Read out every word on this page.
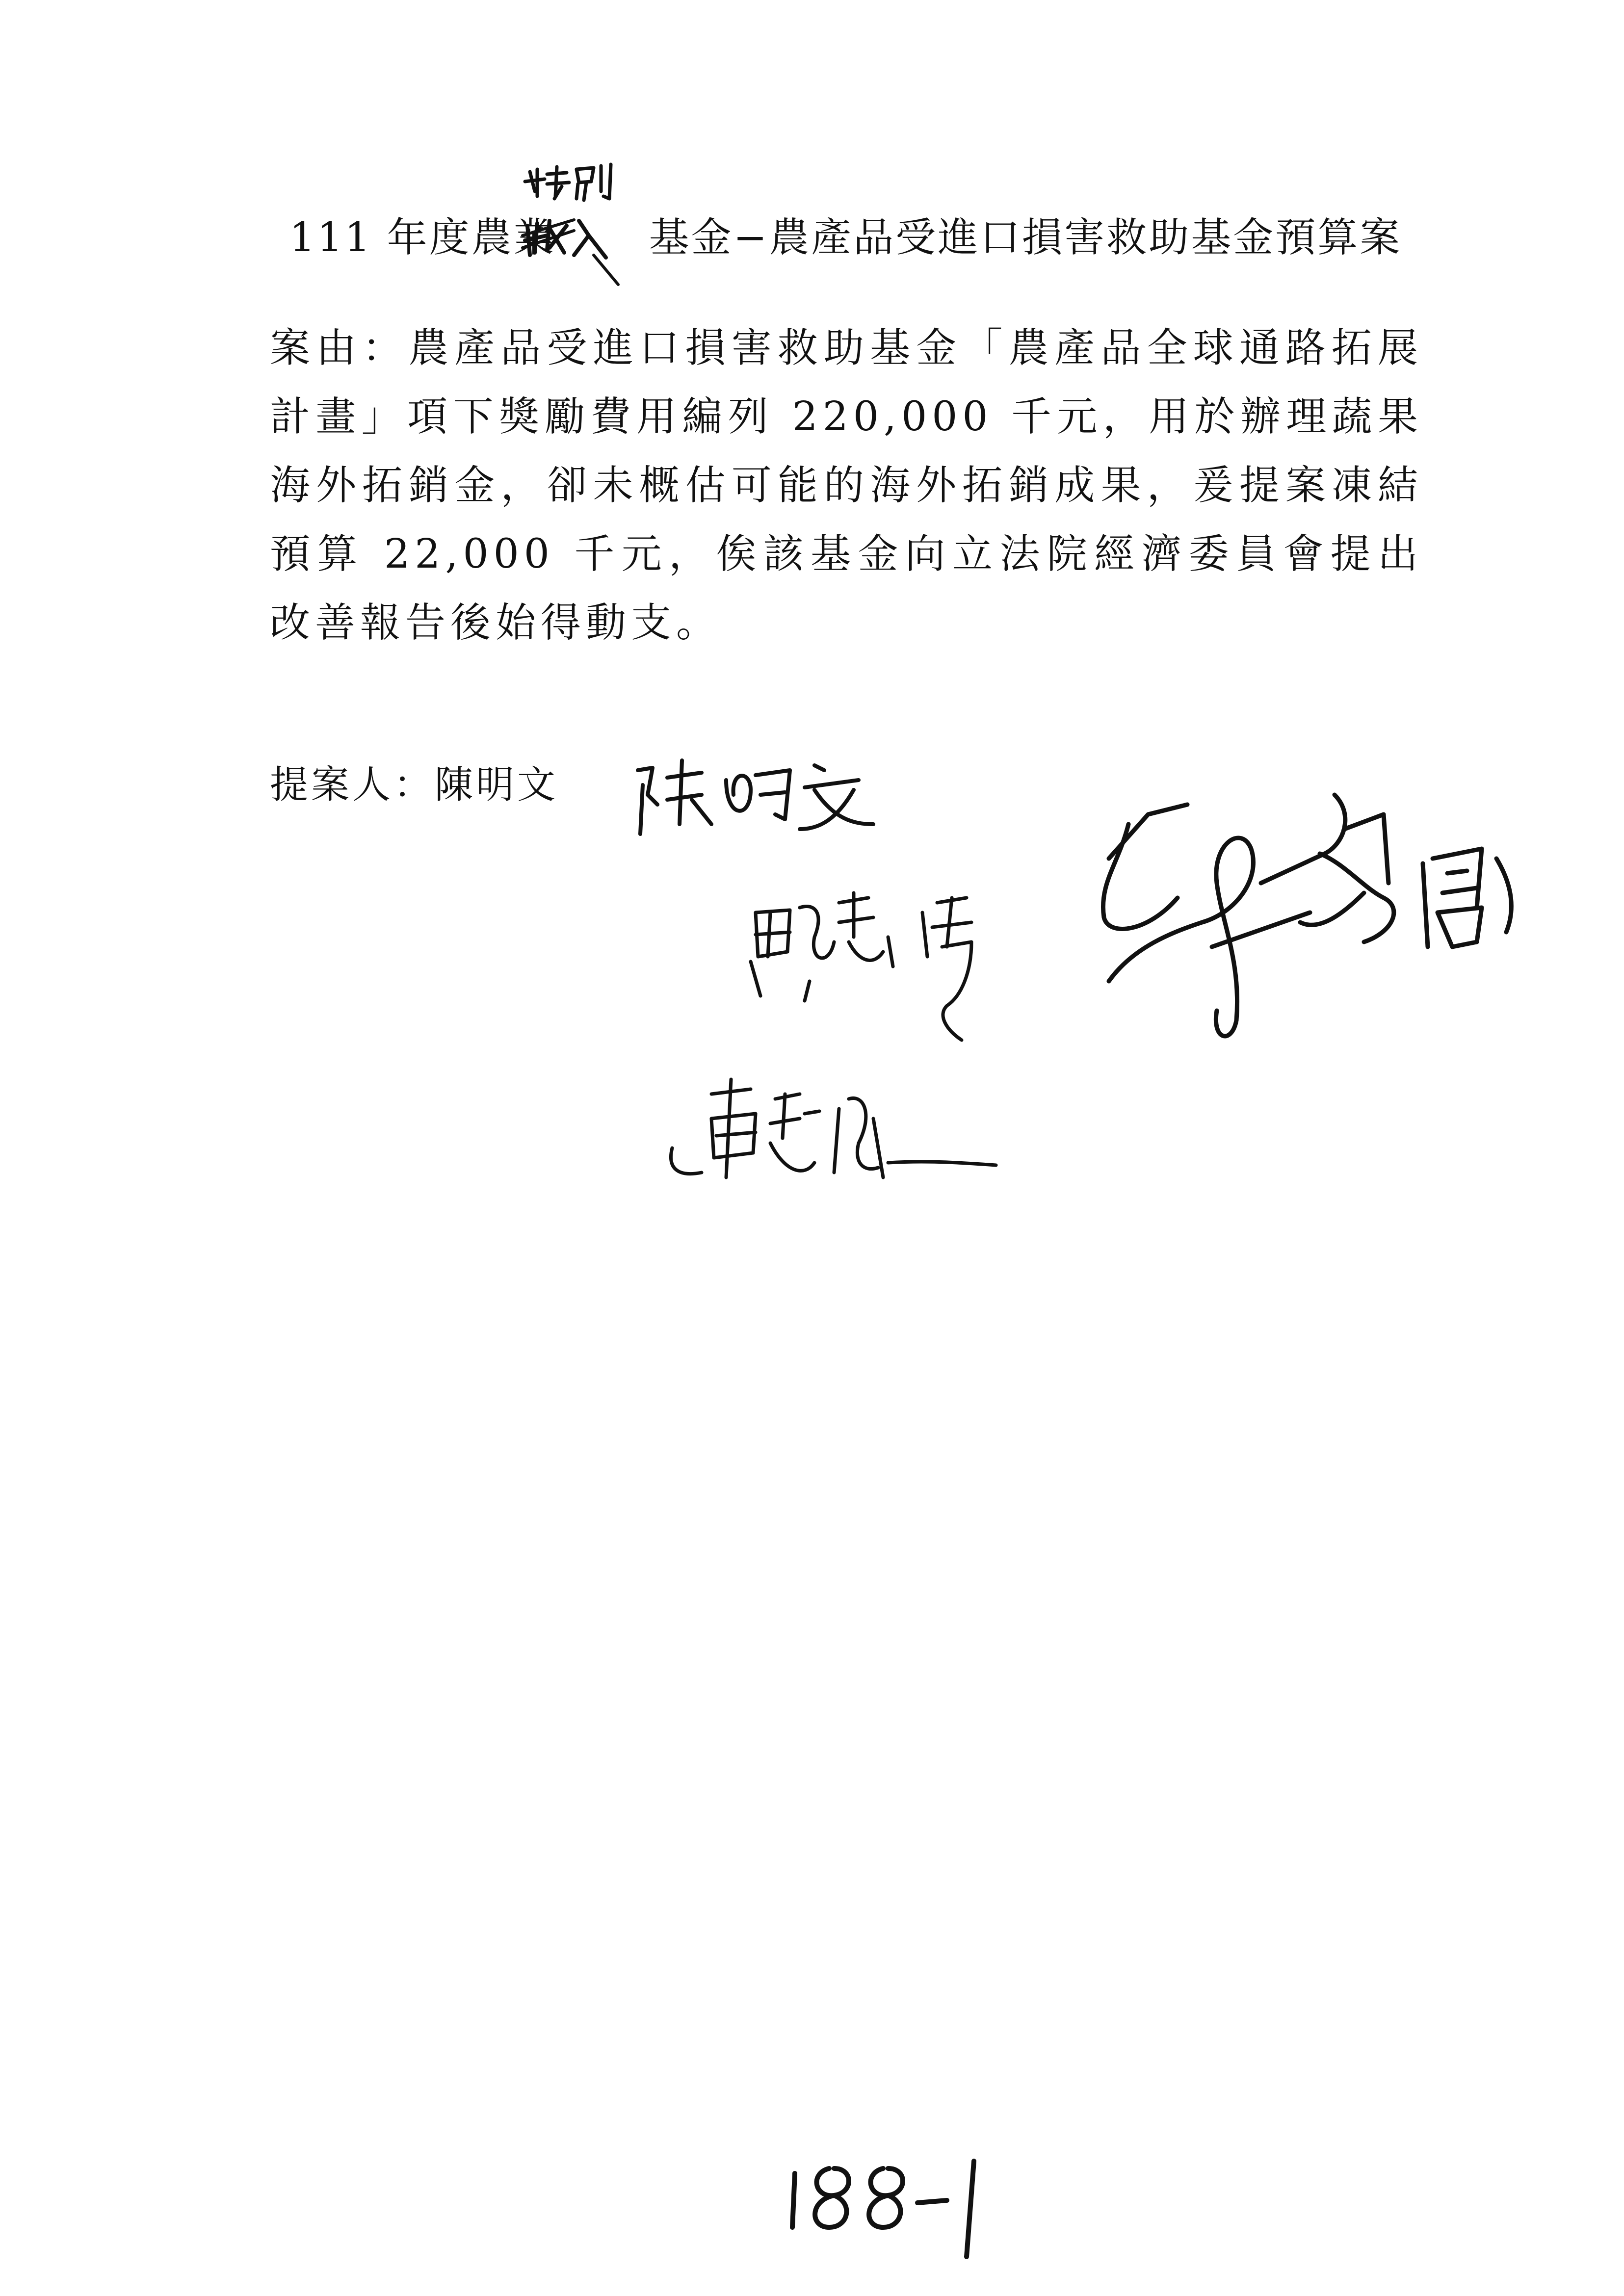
111 年度農業 基金−農產品受進口損害救助基金預算案
案由：農產品受進口損害救助基金「農產品全球通路拓展計畫」項下獎勵費用編列 220,000 千元，用於辦理蔬果海外拓銷金，卻未概估可能的海外拓銷成果，爰提案凍結預算 22,000 千元，俟該基金向立法院經濟委員會提出改善報告後始得動支。
提案人：陳明文
